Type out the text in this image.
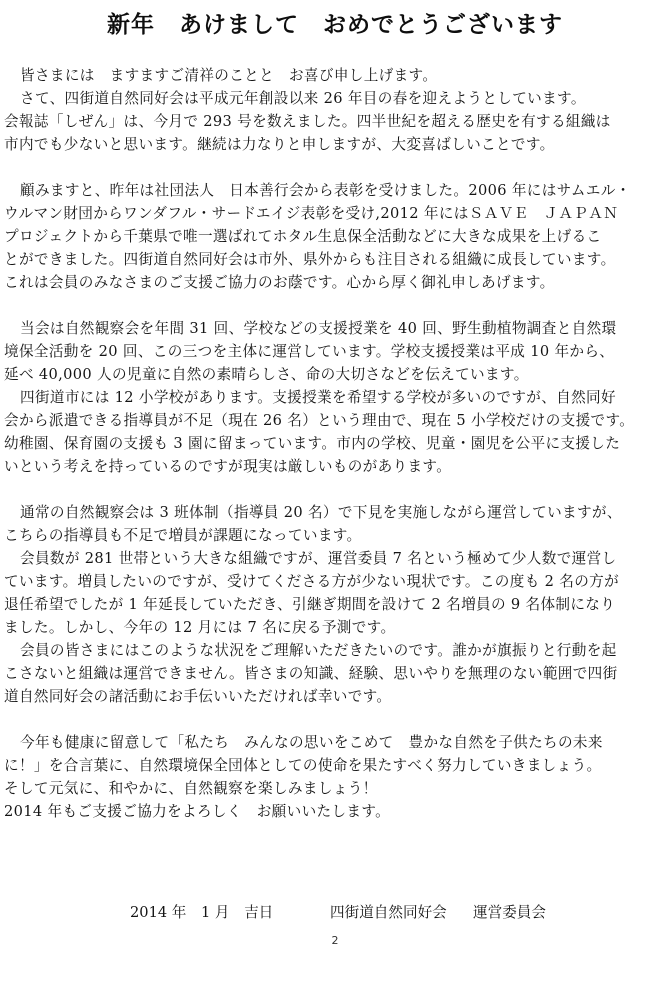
新年　あけまして　おめでとうございます

皆さまには　ますますご清祥のことと　お喜び申し上げます。

さて、四街道自然同好会は平成元年創設以来 26 年目の春を迎えようとしています。

会報誌「しぜん」は、今月で 293 号を数えました。四半世紀を超える歴史を有する組織は

市内でも少ないと思います。継続は力なりと申しますが、大変喜ばしいことです。

顧みますと、昨年は社団法人　日本善行会から表彰を受けました。2006 年にはサムエル・

ウルマン財団からワンダフル・サードエイジ表彰を受け,2012 年にはＳＡＶＥ　ＪＡＰＡＮ

プロジェクトから千葉県で唯一選ばれてホタル生息保全活動などに大きな成果を上げるこ

とができました。四街道自然同好会は市外、県外からも注目される組織に成長しています。

これは会員のみなさまのご支援ご協力のお蔭です。心から厚く御礼申しあげます。

当会は自然観察会を年間 31 回、学校などの支援授業を 40 回、野生動植物調査と自然環

境保全活動を 20 回、この三つを主体に運営しています。学校支援授業は平成 10 年から、

延べ 40,000 人の児童に自然の素晴らしさ、命の大切さなどを伝えています。

四街道市には 12 小学校があります。支援授業を希望する学校が多いのですが、自然同好

会から派遣できる指導員が不足（現在 26 名）という理由で、現在 5 小学校だけの支援です。

幼稚園、保育園の支援も 3 園に留まっています。市内の学校、児童・園児を公平に支援した

いという考えを持っているのですが現実は厳しいものがあります。

通常の自然観察会は 3 班体制（指導員 20 名）で下見を実施しながら運営していますが、

こちらの指導員も不足で増員が課題になっています。

会員数が 281 世帯という大きな組織ですが、運営委員 7 名という極めて少人数で運営し

ています。増員したいのですが、受けてくださる方が少ない現状です。この度も 2 名の方が

退任希望でしたが 1 年延長していただき、引継ぎ期間を設けて 2 名増員の 9 名体制になり

ました。しかし、今年の 12 月には 7 名に戻る予測です。

会員の皆さまにはこのような状況をご理解いただきたいのです。誰かが旗振りと行動を起

こさないと組織は運営できません。皆さまの知識、経験、思いやりを無理のない範囲で四街

道自然同好会の諸活動にお手伝いいただければ幸いです。

今年も健康に留意して「私たち　みんなの思いをこめて　豊かな自然を子供たちの未来

に！」を合言葉に、自然環境保全団体としての使命を果たすべく努力していきましょう。

そして元気に、和やかに、自然観察を楽しみましょう！

2014 年もご支援ご協力をよろしく　お願いいたします。

2014 年　1 月　吉日

	四街道自然同好会

運営委員会

2
